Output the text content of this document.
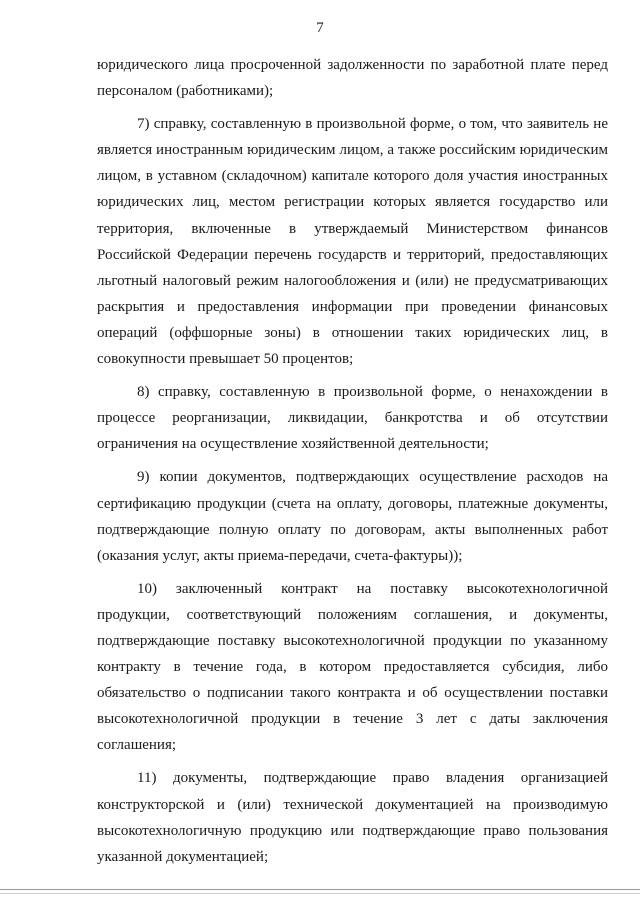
7

юридического лица просроченной задолженности по заработной плате перед персоналом (работниками);

7) справку, составленную в произвольной форме, о том, что заявитель не является иностранным юридическим лицом, а также российским юридическим лицом, в уставном (складочном) капитале которого доля участия иностранных юридических лиц, местом регистрации которых является государство или территория, включенные в утверждаемый Министерством финансов Российской Федерации перечень государств и территорий, предоставляющих льготный налоговый режим налогообложения и (или) не предусматривающих раскрытия и предоставления информации при проведении финансовых операций (оффшорные зоны) в отношении таких юридических лиц, в совокупности превышает 50 процентов;

8) справку, составленную в произвольной форме, о ненахождении в процессе реорганизации, ликвидации, банкротства и об отсутствии ограничения на осуществление хозяйственной деятельности;

9) копии документов, подтверждающих осуществление расходов на сертификацию продукции (счета на оплату, договоры, платежные документы, подтверждающие полную оплату по договорам, акты выполненных работ (оказания услуг, акты приема-передачи, счета-фактуры));

10) заключенный контракт на поставку высокотехнологичной продукции, соответствующий положениям соглашения, и документы, подтверждающие поставку высокотехнологичной продукции по указанному контракту в течение года, в котором предоставляется субсидия, либо обязательство о подписании такого контракта и об осуществлении поставки высокотехнологичной продукции в течение 3 лет с даты заключения соглашения;

11) документы, подтверждающие право владения организацией конструкторской и (или) технической документацией на производимую высокотехнологичную продукцию или подтверждающие право пользования указанной документацией;
